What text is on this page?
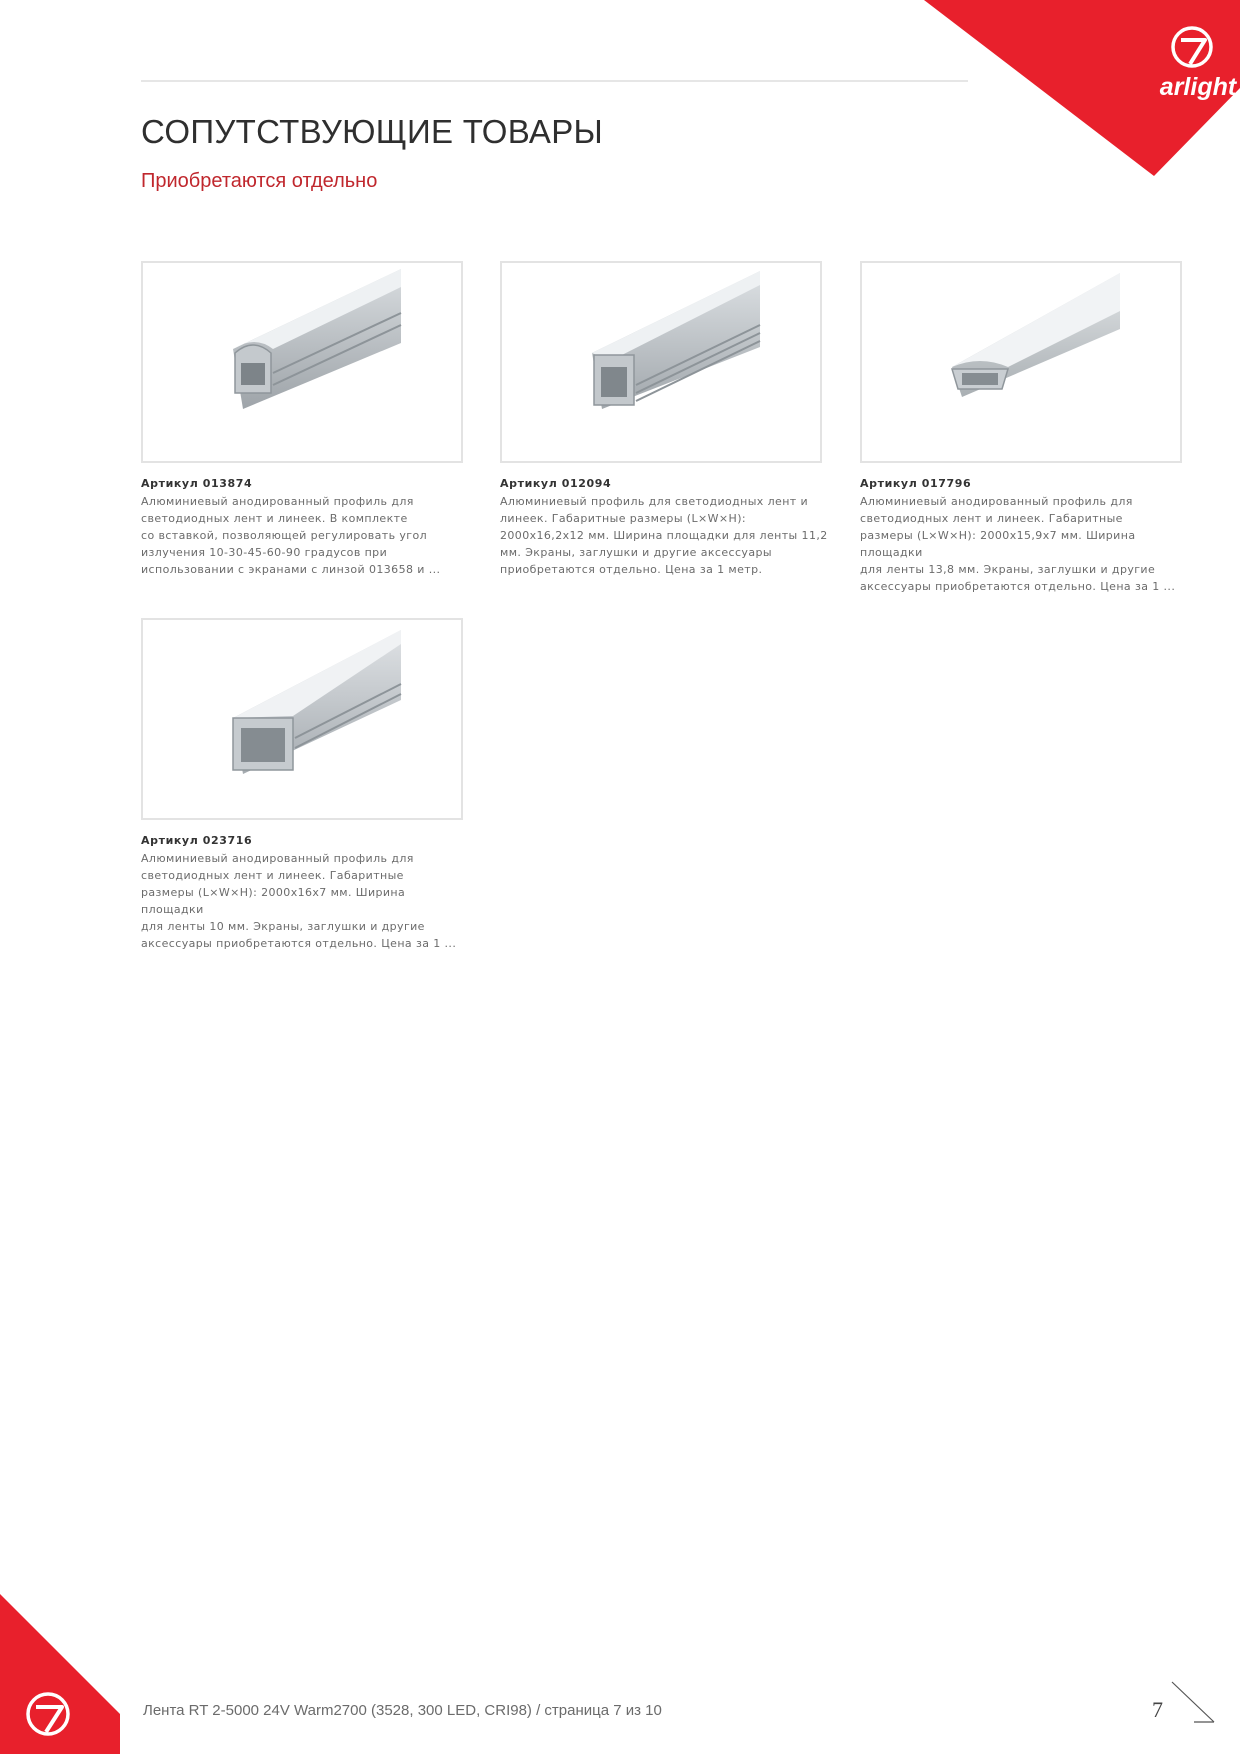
arlight
СОПУТСТВУЮЩИЕ ТОВАРЫ
Приобретаются отдельно
Артикул 013874
Алюминиевый анодированный профиль для
светодиодных лент и линеек. В комплекте
со вставкой, позволяющей регулировать угол
излучения 10-30-45-60-90 градусов при
использовании с экранами с линзой 013658 и ...
Артикул 012094
Алюминиевый профиль для светодиодных лент и
линеек. Габаритные размеры (L×W×H):
2000x16,2x12 мм. Ширина площадки для ленты 11,2
мм. Экраны, заглушки и другие аксессуары
приобретаются отдельно. Цена за 1 метр.
Артикул 017796
Алюминиевый анодированный профиль для
светодиодных лент и линеек. Габаритные
размеры (L×W×H): 2000x15,9x7 мм. Ширина площадки
для ленты 13,8 мм. Экраны, заглушки и другие
аксессуары приобретаются отдельно. Цена за 1 ...
Артикул 023716
Алюминиевый анодированный профиль для
светодиодных лент и линеек. Габаритные
размеры (L×W×H): 2000x16x7 мм. Ширина площадки
для ленты 10 мм. Экраны, заглушки и другие
аксессуары приобретаются отдельно. Цена за 1 ...
Лента RT 2-5000 24V Warm2700 (3528, 300 LED, CRI98) / страница 7 из 10	7
